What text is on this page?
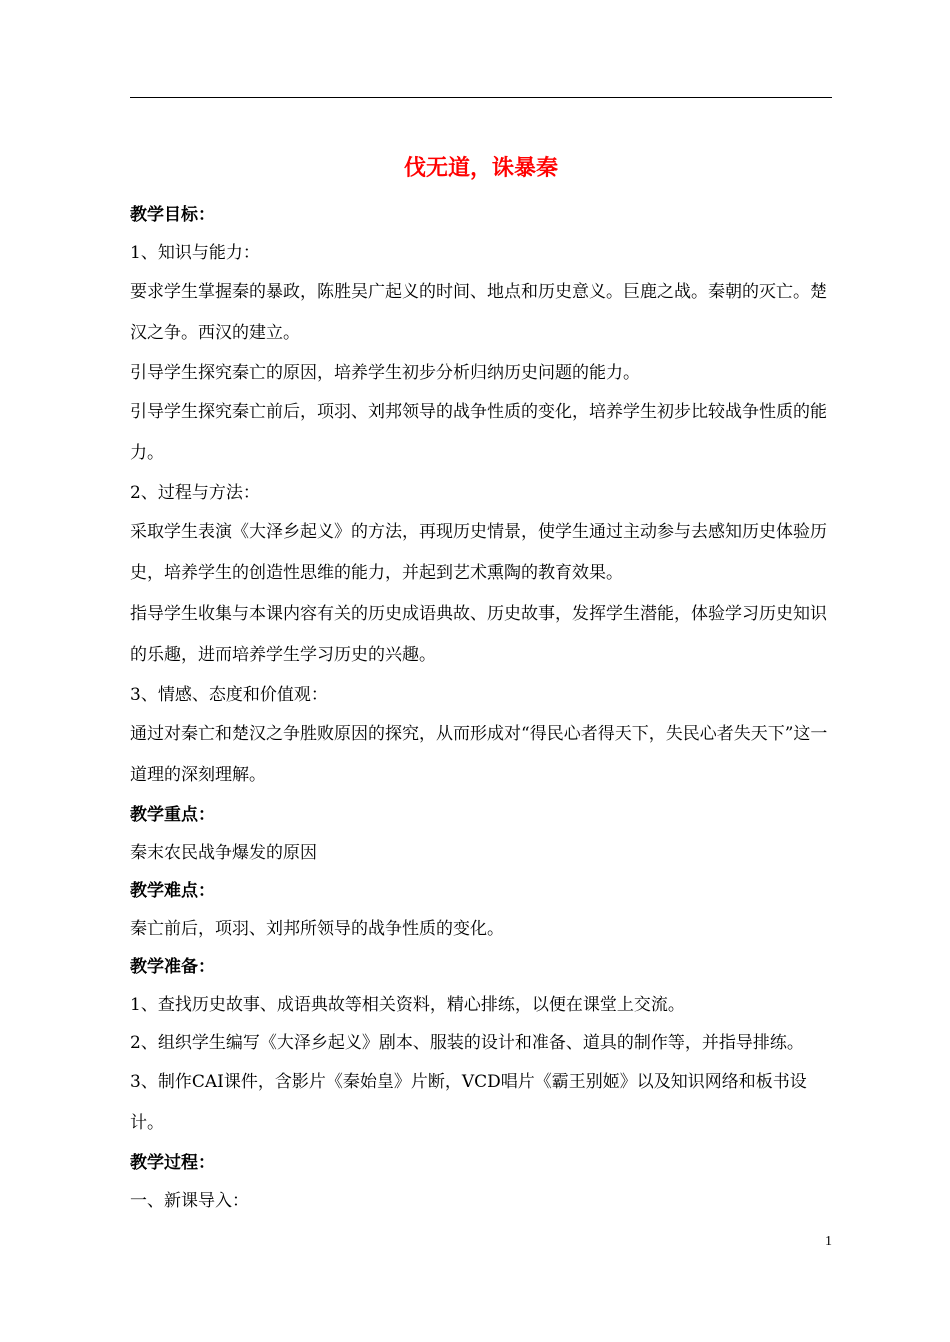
伐无道，诛暴秦

教学目标：

1、知识与能力：

要求学生掌握秦的暴政，陈胜吴广起义的时间、地点和历史意义。巨鹿之战。秦朝的灭亡。楚汉之争。西汉的建立。

引导学生探究秦亡的原因，培养学生初步分析归纳历史问题的能力。

引导学生探究秦亡前后，项羽、刘邦领导的战争性质的变化，培养学生初步比较战争性质的能力。

2、过程与方法：

采取学生表演《大泽乡起义》的方法，再现历史情景，使学生通过主动参与去感知历史体验历史，培养学生的创造性思维的能力，并起到艺术熏陶的教育效果。

指导学生收集与本课内容有关的历史成语典故、历史故事，发挥学生潜能，体验学习历史知识的乐趣，进而培养学生学习历史的兴趣。

3、情感、态度和价值观：

通过对秦亡和楚汉之争胜败原因的探究，从而形成对“得民心者得天下，失民心者失天下”这一道理的深刻理解。

教学重点：

秦末农民战争爆发的原因

教学难点：

秦亡前后，项羽、刘邦所领导的战争性质的变化。

教学准备：

1、查找历史故事、成语典故等相关资料，精心排练，以便在课堂上交流。

2、组织学生编写《大泽乡起义》剧本、服装的设计和准备、道具的制作等，并指导排练。

3、制作CAI课件，含影片《秦始皇》片断，VCD唱片《霸王别姬》以及知识网络和板书设计。

教学过程：

一、新课导入：

1
